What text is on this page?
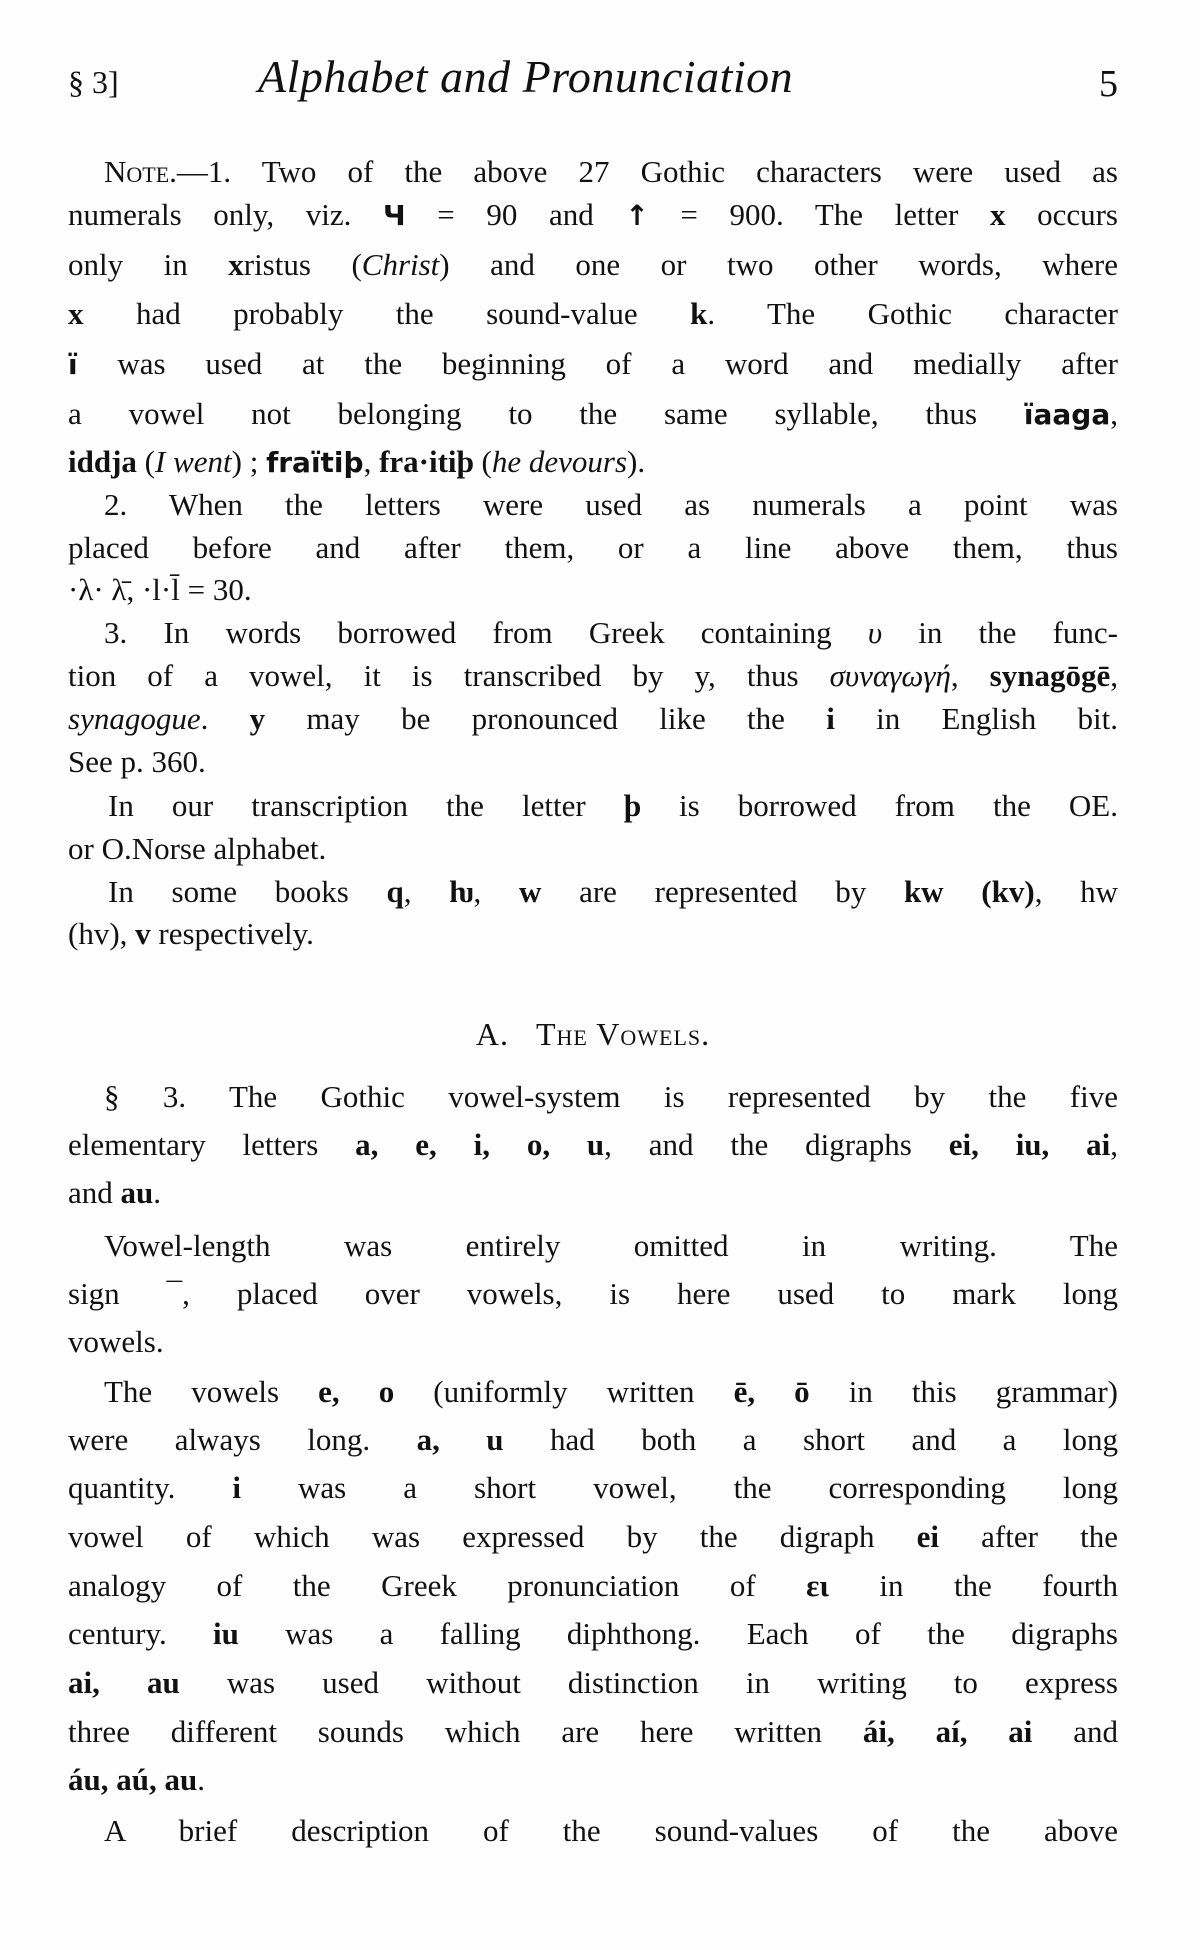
§ 3]	Alphabet and Pronunciation	5
Note.—1. Two of the above 27 Gothic characters were used as
numerals only, viz. Ч = 90 and ↑ = 900. The letter x occurs
only in xristus (Christ) and one or two other words, where
x had probably the sound-value k. The Gothic character
ï was used at the beginning of a word and medially after
a vowel not belonging to the same syllable, thus ïaaga,
iddja (I went) ; fraïtiþ, fra·itiþ (he devours).
2. When the letters were used as numerals a point was
placed before and after them, or a line above them, thus
·λ· λ̄, ·l·l̄ = 30.
3. In words borrowed from Greek containing υ in the func-
tion of a vowel, it is transcribed by y, thus συναγωγή, synagōgē,
synagogue. y may be pronounced like the i in English bit.
See p. 360.
In our transcription the letter þ is borrowed from the OE.
or O.Norse alphabet.
In some books q, ƕ, w are represented by kw (kv), hw
(hv), v respectively.
A. The Vowels.
§ 3. The Gothic vowel-system is represented by the five
elementary letters a, e, i, o, u, and the digraphs ei, iu, ai,
and au.
Vowel-length was entirely omitted in writing. The
sign ¯, placed over vowels, is here used to mark long
vowels.
The vowels e, o (uniformly written ē, ō in this grammar)
were always long. a, u had both a short and a long
quantity. i was a short vowel, the corresponding long
vowel of which was expressed by the digraph ei after the
analogy of the Greek pronunciation of ει in the fourth
century. iu was a falling diphthong. Each of the digraphs
ai, au was used without distinction in writing to express
three different sounds which are here written ái, aí, ai and
áu, aú, au.
A brief description of the sound-values of the above
